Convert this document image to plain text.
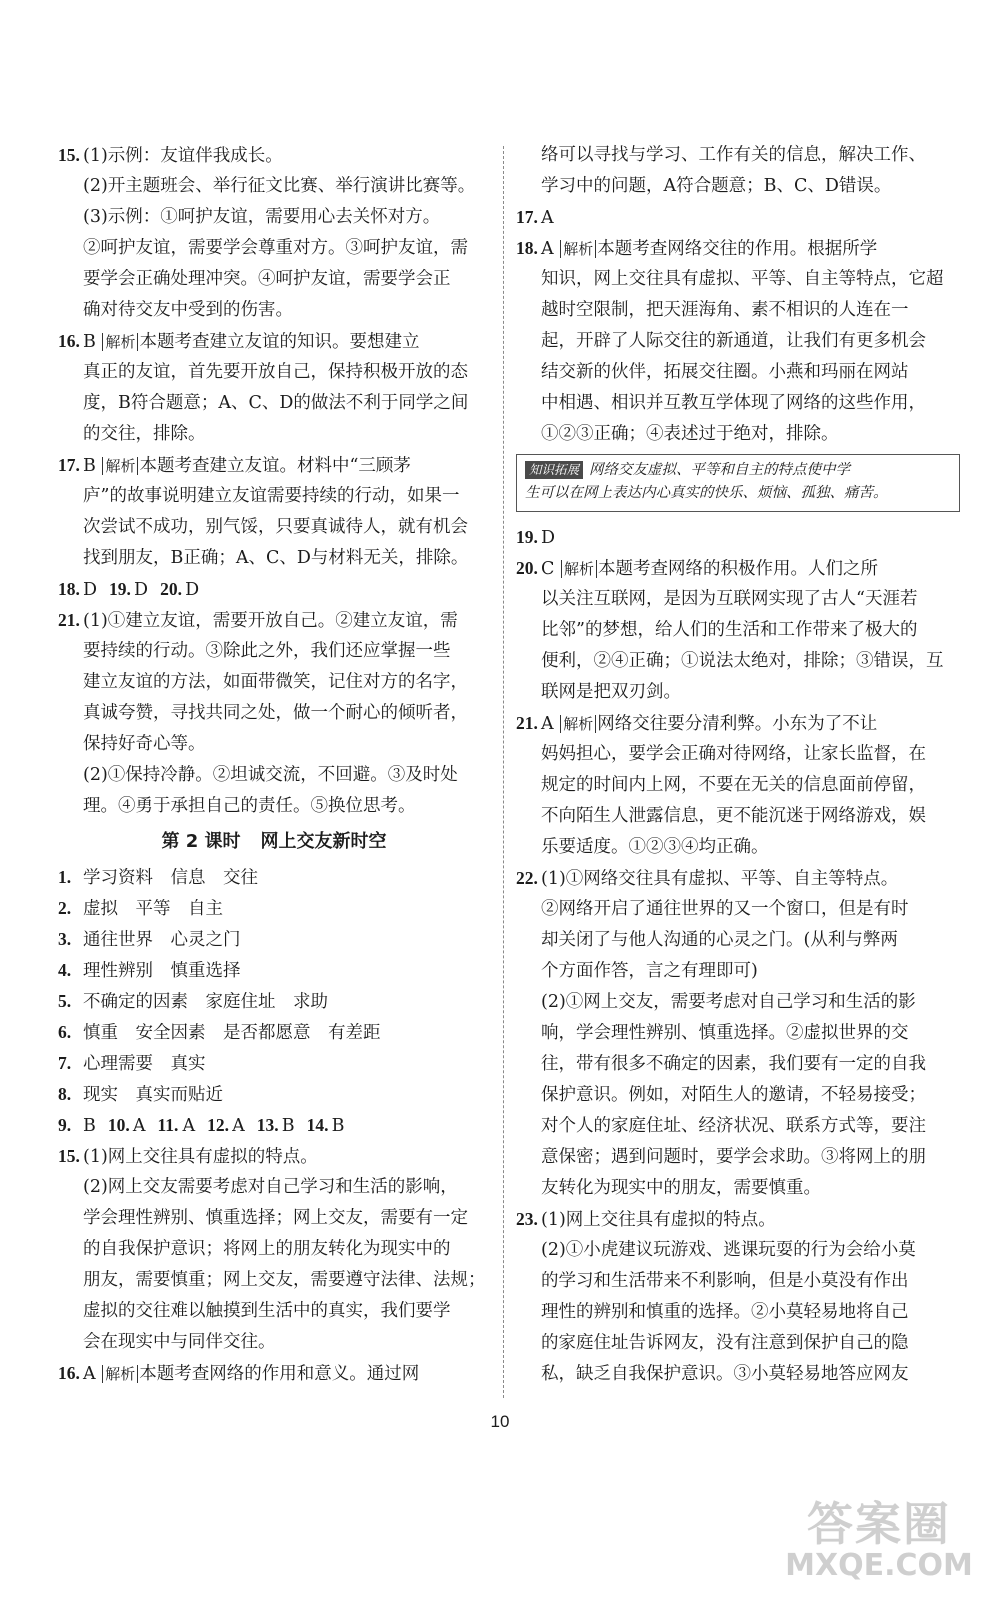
15. (1)示例：友谊伴我成长。
(2)开主题班会、举行征文比赛、举行演讲比赛等。
(3)示例：①呵护友谊，需要用心去关怀对方。
②呵护友谊，需要学会尊重对方。③呵护友谊，需
要学会正确处理冲突。④呵护友谊，需要学会正
确对待交友中受到的伤害。
16. B 解析 本题考查建立友谊的知识。要想建立
真正的友谊，首先要开放自己，保持积极开放的态
度，B符合题意；A、C、D的做法不利于同学之间
的交往，排除。
17. B 解析 本题考查建立友谊。材料中“三顾茅
庐”的故事说明建立友谊需要持续的行动，如果一
次尝试不成功，别气馁，只要真诚待人，就有机会
找到朋友，B正确；A、C、D与材料无关，排除。
18. D 19. D 20. D
21. (1)①建立友谊，需要开放自己。②建立友谊，需
要持续的行动。③除此之外，我们还应掌握一些
建立友谊的方法，如面带微笑，记住对方的名字，
真诚夸赞，寻找共同之处，做一个耐心的倾听者，
保持好奇心等。
(2)①保持冷静。②坦诚交流，不回避。③及时处
理。④勇于承担自己的责任。⑤换位思考。
第 2 课时 网上交友新时空
1. 学习资料　信息　交往
2. 虚拟　平等　自主
3. 通往世界　心灵之门
4. 理性辨别　慎重选择
5. 不确定的因素　家庭住址　求助
6. 慎重　安全因素　是否都愿意　有差距
7. 心理需要　真实
8. 现实　真实而贴近
9. B 10. A 11. A 12. A 13. B 14. B
15. (1)网上交往具有虚拟的特点。
(2)网上交友需要考虑对自己学习和生活的影响，
学会理性辨别、慎重选择；网上交友，需要有一定
的自我保护意识；将网上的朋友转化为现实中的
朋友，需要慎重；网上交友，需要遵守法律、法规；
虚拟的交往难以触摸到生活中的真实，我们要学
会在现实中与同伴交往。
16. A 解析 本题考查网络的作用和意义。通过网
络可以寻找与学习、工作有关的信息，解决工作、
学习中的问题，A符合题意；B、C、D错误。
17. A
18. A 解析 本题考查网络交往的作用。根据所学
知识，网上交往具有虚拟、平等、自主等特点，它超
越时空限制，把天涯海角、素不相识的人连在一
起，开辟了人际交往的新通道，让我们有更多机会
结交新的伙伴，拓展交往圈。小燕和玛丽在网站
中相遇、相识并互教互学体现了网络的这些作用，
①②③正确；④表述过于绝对，排除。
知识拓展 网络交友虚拟、平等和自主的特点使中学
生可以在网上表达内心真实的快乐、烦恼、孤独、痛苦。
19. D
20. C 解析 本题考查网络的积极作用。人们之所
以关注互联网，是因为互联网实现了古人“天涯若
比邻”的梦想，给人们的生活和工作带来了极大的
便利，②④正确；①说法太绝对，排除；③错误，互
联网是把双刃剑。
21. A 解析 网络交往要分清利弊。小东为了不让
妈妈担心，要学会正确对待网络，让家长监督，在
规定的时间内上网，不要在无关的信息面前停留，
不向陌生人泄露信息，更不能沉迷于网络游戏，娱
乐要适度。①②③④均正确。
22. (1)①网络交往具有虚拟、平等、自主等特点。
②网络开启了通往世界的又一个窗口，但是有时
却关闭了与他人沟通的心灵之门。(从利与弊两
个方面作答，言之有理即可)
(2)①网上交友，需要考虑对自己学习和生活的影
响，学会理性辨别、慎重选择。②虚拟世界的交
往，带有很多不确定的因素，我们要有一定的自我
保护意识。例如，对陌生人的邀请，不轻易接受；
对个人的家庭住址、经济状况、联系方式等，要注
意保密；遇到问题时，要学会求助。③将网上的朋
友转化为现实中的朋友，需要慎重。
23. (1)网上交往具有虚拟的特点。
(2)①小虎建议玩游戏、逃课玩耍的行为会给小莫
的学习和生活带来不利影响，但是小莫没有作出
理性的辨别和慎重的选择。②小莫轻易地将自己
的家庭住址告诉网友，没有注意到保护自己的隐
私，缺乏自我保护意识。③小莫轻易地答应网友
10
答案圈
MXQE.COM
